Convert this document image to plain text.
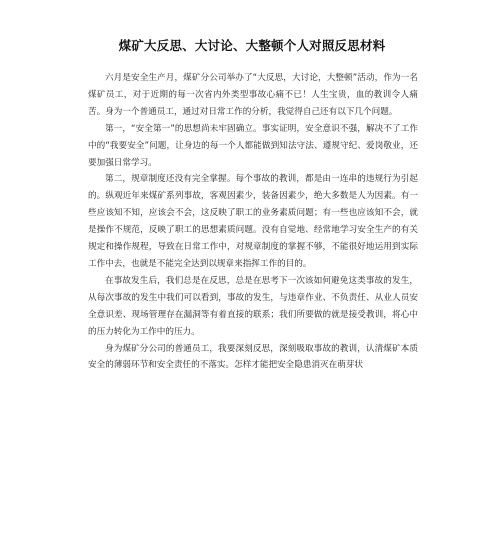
煤矿大反思、大讨论、大整顿个人对照反思材料

六月是安全生产月，煤矿分公司举办了“大反思，大讨论，大整顿”活动，作为一名煤矿员工，对于近期的每一次省内外类型事故心痛不已！人生宝贵，血的教训令人痛苦。身为一个普通员工，通过对日常工作的分析，我觉得自己还有以下几个问题。

第一，“安全第一”的思想尚未牢固确立。事实证明，安全意识不强，解决不了工作中的“我要安全”问题，让身边的每一个人都能做到知法守法、遵规守纪、爱岗敬业，还要加强日常学习。

第二，规章制度还没有完全掌握。每个事故的教训，都是由一连串的违规行为引起的。纵观近年来煤矿系列事故，客观因素少，装备因素少，绝大多数是人为因素。有一些应该知不知，应该会不会，这反映了职工的业务素质问题；有一些也应该知不会，就是操作不规范，反映了职工的思想素质问题。没有自觉地、经常地学习安全生产的有关规定和操作规程，导致在日常工作中，对规章制度的掌握不够，不能很好地运用到实际工作中去，也就是不能完全达到以规章来指挥工作的目的。

在事故发生后，我们总是在反思，总是在思考下一次该如何避免这类事故的发生，从每次事故的发生中我们可以看到，事故的发生，与违章作业、不负责任、从业人员安全意识差、现场管理存在漏洞等有着直接的联系；我们所要做的就是接受教训，将心中的压力转化为工作中的压力。

身为煤矿分公司的普通员工，我要深刻反思，深刻吸取事故的教训，认清煤矿本质安全的薄弱环节和安全责任的不落实。怎样才能把安全隐患消灭在萌芽状
